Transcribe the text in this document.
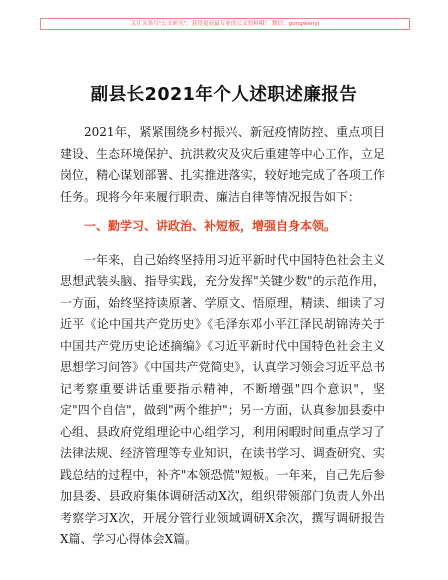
关注头条号"公文研究"，获得更前最专业的公文资料哦！ 微信：gongwenyj
副县长2021年个人述职述廉报告

2021年，紧紧围绕乡村振兴、新冠疫情防控、重点项目建设、生态环境保护、抗洪救灾及灾后重建等中心工作，立足岗位，精心谋划部署、扎实推进落实，较好地完成了各项工作任务。现将今年来履行职责、廉洁自律等情况报告如下：

一、勤学习、讲政治、补短板，增强自身本领。

一年来，自己始终坚持用习近平新时代中国特色社会主义思想武装头脑、指导实践，充分发挥"关键少数"的示范作用，一方面，始终坚持读原著、学原文、悟原理，精读、细读了习近平《论中国共产党历史》《毛泽东邓小平江泽民胡锦涛关于中国共产党历史论述摘编》《习近平新时代中国特色社会主义思想学习问答》《中国共产党简史》，认真学习领会习近平总书记考察重要讲话重要指示精神，不断增强"四个意识"，坚定"四个自信"，做到"两个维护"；另一方面，认真参加县委中心组、县政府党组理论中心组学习，利用闲暇时间重点学习了法律法规、经济管理等专业知识，在读书学习、调查研究、实践总结的过程中，补齐"本领恐慌"短板。一年来，自己先后参加县委、县政府集体调研活动X次，组织带领部门负责人外出考察学习X次，开展分管行业领域调研X余次，撰写调研报告X篇、学习心得体会X篇。
